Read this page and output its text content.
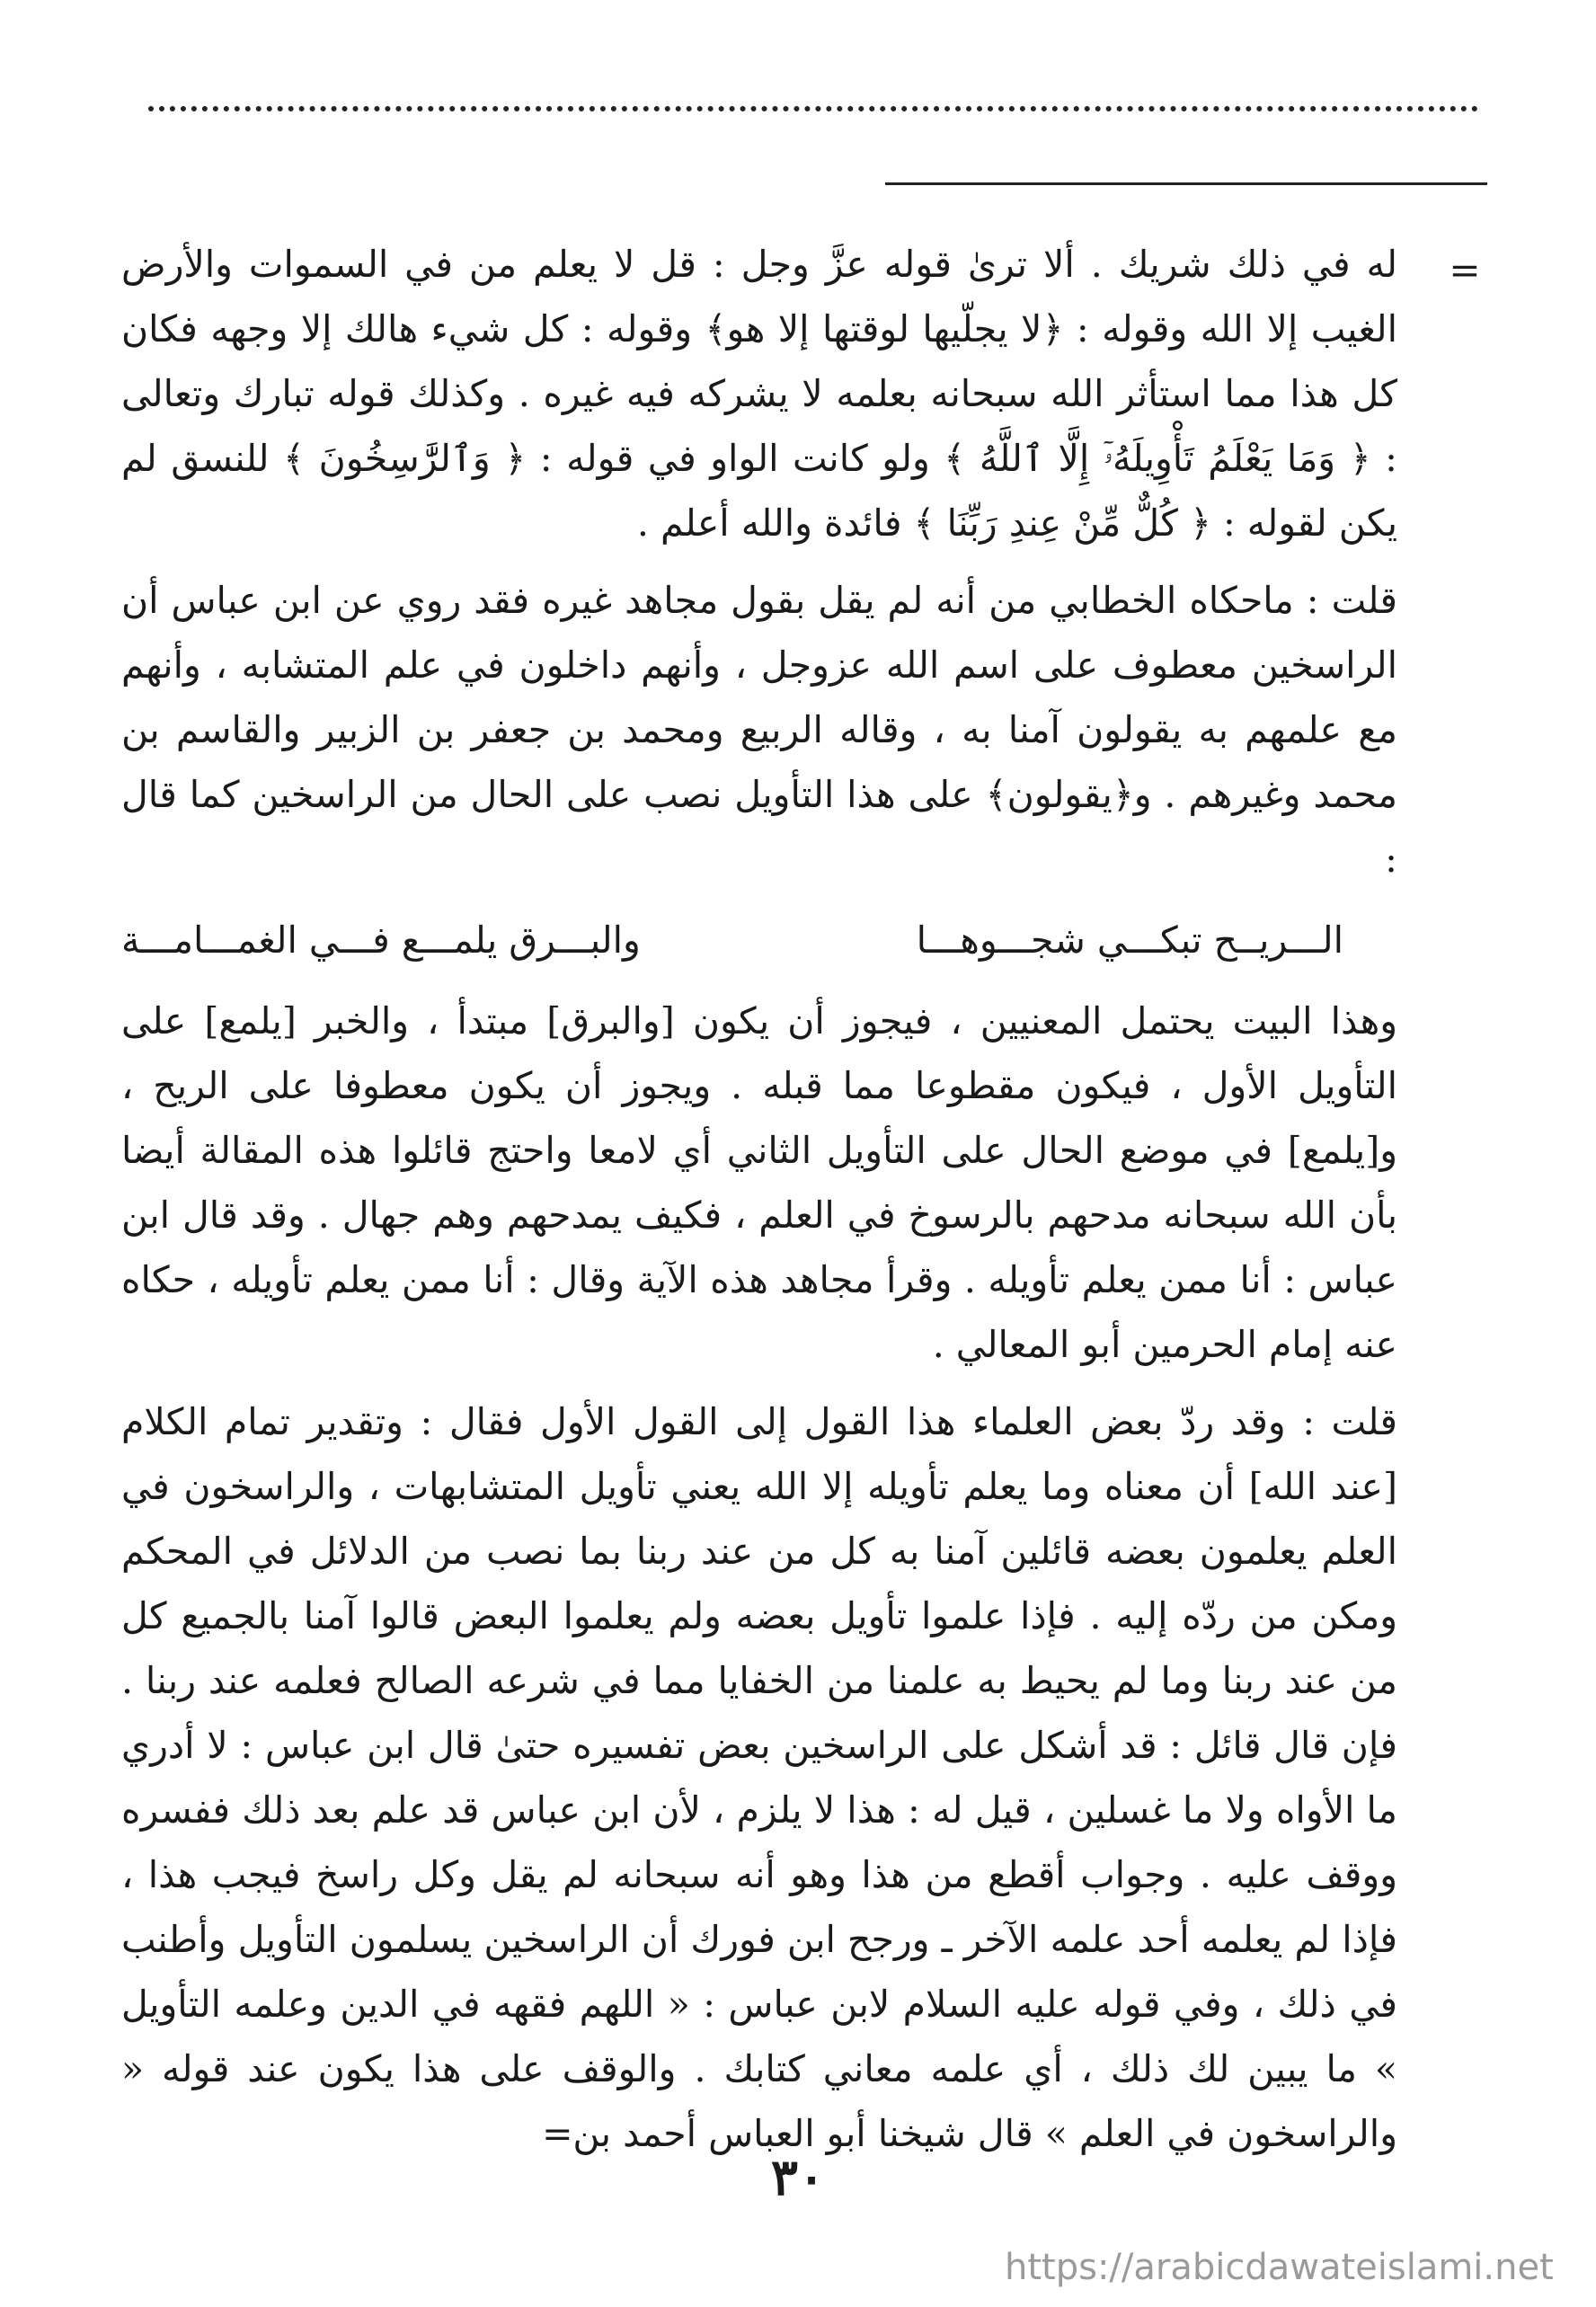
=

له في ذلك شريك . ألا ترىٰ قوله عزَّ وجل : قل لا يعلم من في السموات والأرض الغيب إلا الله وقوله : ﴿لا يجلّيها لوقتها إلا هو﴾ وقوله : كل شيء هالك إلا وجهه فكان كل هذا مما استأثر الله سبحانه بعلمه لا يشركه فيه غيره . وكذلك قوله تبارك وتعالى : ﴿ وَمَا يَعْلَمُ تَأْوِيلَهُۥٓ إِلَّا ٱللَّهُ ﴾ ولو كانت الواو في قوله : ﴿ وَٱلرَّٰسِخُونَ ﴾ للنسق لم يكن لقوله : ﴿ كُلٌّ مِّنْ عِندِ رَبِّنَا ﴾ فائدة والله أعلم .

قلت : ماحكاه الخطابي من أنه لم يقل بقول مجاهد غيره فقد روي عن ابن عباس أن الراسخين معطوف على اسم الله عزوجل ، وأنهم داخلون في علم المتشابه ، وأنهم مع علمهم به يقولون آمنا به ، وقاله الربيع ومحمد بن جعفر بن الزبير والقاسم بن محمد وغيرهم . و﴿يقولون﴾ على هذا التأويل نصب على الحال من الراسخين كما قال :

الـــريــح تبكـــي شجـــوهـــا
والبـــرق يلمـــع فـــي الغمـــامـــة

وهذا البيت يحتمل المعنيين ، فيجوز أن يكون [والبرق] مبتدأ ، والخبر [يلمع] على التأويل الأول ، فيكون مقطوعا مما قبله . ويجوز أن يكون معطوفا على الريح ، و[يلمع] في موضع الحال على التأويل الثاني أي لامعا واحتج قائلوا هذه المقالة أيضا بأن الله سبحانه مدحهم بالرسوخ في العلم ، فكيف يمدحهم وهم جهال . وقد قال ابن عباس : أنا ممن يعلم تأويله . وقرأ مجاهد هذه الآية وقال : أنا ممن يعلم تأويله ، حكاه عنه إمام الحرمين أبو المعالي .

قلت : وقد ردّ بعض العلماء هذا القول إلى القول الأول فقال : وتقدير تمام الكلام [عند الله] أن معناه وما يعلم تأويله إلا الله يعني تأويل المتشابهات ، والراسخون في العلم يعلمون بعضه قائلين آمنا به كل من عند ربنا بما نصب من الدلائل في المحكم ومكن من ردّه إليه . فإذا علموا تأويل بعضه ولم يعلموا البعض قالوا آمنا بالجميع كل من عند ربنا وما لم يحيط به علمنا من الخفايا مما في شرعه الصالح فعلمه عند ربنا . فإن قال قائل : قد أشكل على الراسخين بعض تفسيره حتىٰ قال ابن عباس : لا أدري ما الأواه ولا ما غسلين ، قيل له : هذا لا يلزم ، لأن ابن عباس قد علم بعد ذلك ففسره ووقف عليه . وجواب أقطع من هذا وهو أنه سبحانه لم يقل وكل راسخ فيجب هذا ، فإذا لم يعلمه أحد علمه الآخر ـ ورجح ابن فورك أن الراسخين يسلمون التأويل وأطنب في ذلك ، وفي قوله عليه السلام لابن عباس : « اللهم فقهه في الدين وعلمه التأويل » ما يبين لك ذلك ، أي علمه معاني كتابك . والوقف على هذا يكون عند قوله « والراسخون في العلم » قال شيخنا أبو العباس أحمد بن=

٣٠
https://arabicdawateislami.net
